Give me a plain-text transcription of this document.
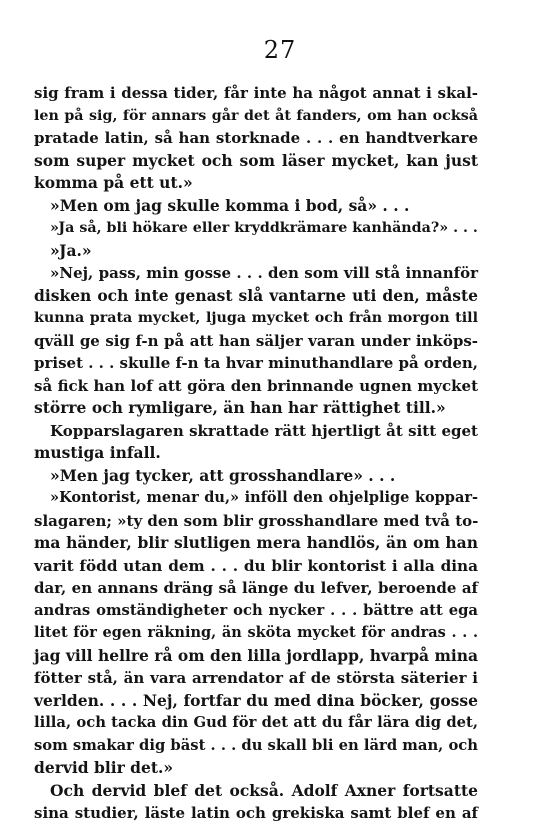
27
sig fram i dessa tider, får inte ha något annat i skal-
len på sig, för annars går det åt fanders, om han också
pratade latin, så han storknade . . . en handtverkare
som super mycket och som läser mycket, kan just
komma på ett ut.»
»Men om jag skulle komma i bod, så» . . .
»Ja så, bli hökare eller kryddkrämare kanhända?» . . .
»Ja.»
»Nej, pass, min gosse . . . den som vill stå innanför
disken och inte genast slå vantarne uti den, måste
kunna prata mycket, ljuga mycket och från morgon till
qväll ge sig f-n på att han säljer varan under inköps-
priset . . . skulle f-n ta hvar minuthandlare på orden,
så fick han lof att göra den brinnande ugnen mycket
större och rymligare, än han har rättighet till.»
Kopparslagaren skrattade rätt hjertligt åt sitt eget
mustiga infall.
»Men jag tycker, att grosshandlare» . . .
»Kontorist, menar du,» inföll den ohjelplige koppar-
slagaren; »ty den som blir grosshandlare med två to-
ma händer, blir slutligen mera handlös, än om han
varit född utan dem . . . du blir kontorist i alla dina
dar, en annans dräng så länge du lefver, beroende af
andras omständigheter och nycker . . . bättre att ega
litet för egen räkning, än sköta mycket för andras . . .
jag vill hellre rå om den lilla jordlapp, hvarpå mina
fötter stå, än vara arrendator af de största säterier i
verlden. . . . Nej, fortfar du med dina böcker, gosse
lilla, och tacka din Gud för det att du får lära dig det,
som smakar dig bäst . . . du skall bli en lärd man, och
dervid blir det.»
Och dervid blef det också. Adolf Axner fortsatte
sina studier, läste latin och grekiska samt blef en af
